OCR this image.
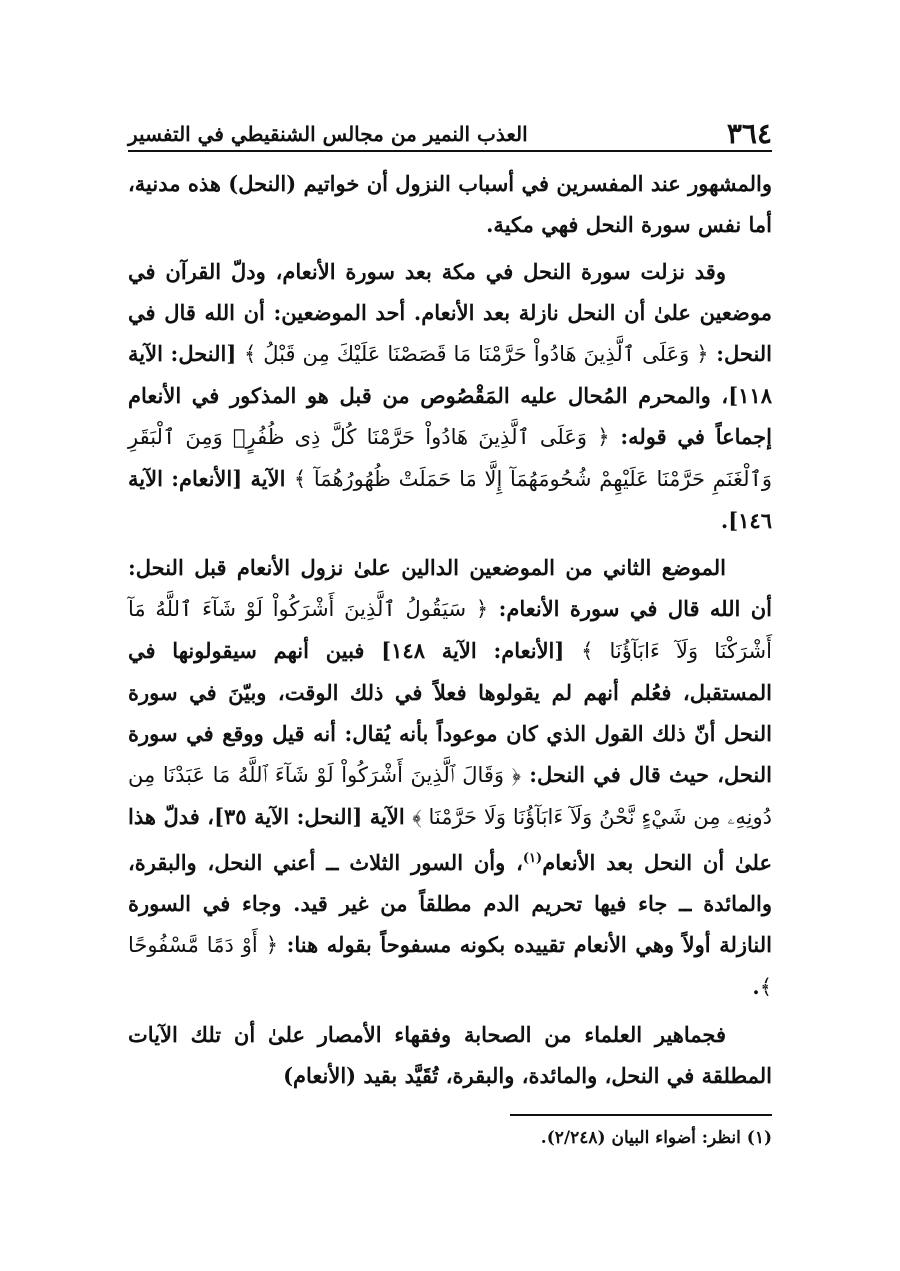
٣٦٤
العذب النمير من مجالس الشنقيطي في التفسير

والمشهور عند المفسرين في أسباب النزول أن خواتيم (النحل) هذه مدنية، أما نفس سورة النحل فهي مكية.

وقد نزلت سورة النحل في مكة بعد سورة الأنعام، ودلّ القرآن في موضعين علىٰ أن النحل نازلة بعد الأنعام. أحد الموضعين: أن الله قال في النحل: ﴿ وَعَلَى ٱلَّذِينَ هَادُواْ حَرَّمْنَا مَا قَصَصْنَا عَلَيْكَ مِن قَبْلُ ﴾ [النحل: الآية ١١٨]، والمحرم المُحال عليه المَقْصُوص من قبل هو المذكور في الأنعام إجماعاً في قوله: ﴿ وَعَلَى ٱلَّذِينَ هَادُواْ حَرَّمْنَا كُلَّ ذِى ظُفُرٍۖ وَمِنَ ٱلْبَقَرِ وَٱلْغَنَمِ حَرَّمْنَا عَلَيْهِمْ شُحُومَهُمَآ إِلَّا مَا حَمَلَتْ ظُهُورُهُمَآ ﴾ الآية [الأنعام: الآية ١٤٦].

الموضع الثاني من الموضعين الدالين علىٰ نزول الأنعام قبل النحل: أن الله قال في سورة الأنعام: ﴿ سَيَقُولُ ٱلَّذِينَ أَشْرَكُواْ لَوْ شَآءَ ٱللَّهُ مَآ أَشْرَكْنَا وَلَآ ءَابَآؤُنَا ﴾ [الأنعام: الآية ١٤٨] فبين أنهم سيقولونها في المستقبل، فعُلم أنهم لم يقولوها فعلاً في ذلك الوقت، وبيّنَ في سورة النحل أنّ ذلك القول الذي كان موعوداً بأنه يُقال: أنه قيل ووقع في سورة النحل، حيث قال في النحل: ﴿ وَقَالَ ٱلَّذِينَ أَشْرَكُواْ لَوْ شَآءَ ٱللَّهُ مَا عَبَدْنَا مِن دُونِهِۦ مِن شَيْءٍ نَّحْنُ وَلَآ ءَابَآؤُنَا وَلَا حَرَّمْنَا ﴾ الآية [النحل: الآية ٣٥]، فدلّ هذا علىٰ أن النحل بعد الأنعام$^{(١)}$، وأن السور الثلاث ــ أعني النحل، والبقرة، والمائدة ــ جاء فيها تحريم الدم مطلقاً من غير قيد. وجاء في السورة النازلة أولاً وهي الأنعام تقييده بكونه مسفوحاً بقوله هنا: ﴿ أَوْ دَمًا مَّسْفُوحًا ﴾.

فجماهير العلماء من الصحابة وفقهاء الأمصار علىٰ أن تلك الآيات المطلقة في النحل، والمائدة، والبقرة، تُقَيَّد بقيد (الأنعام)

(١) انظر: أضواء البيان (٢/٢٤٨).
